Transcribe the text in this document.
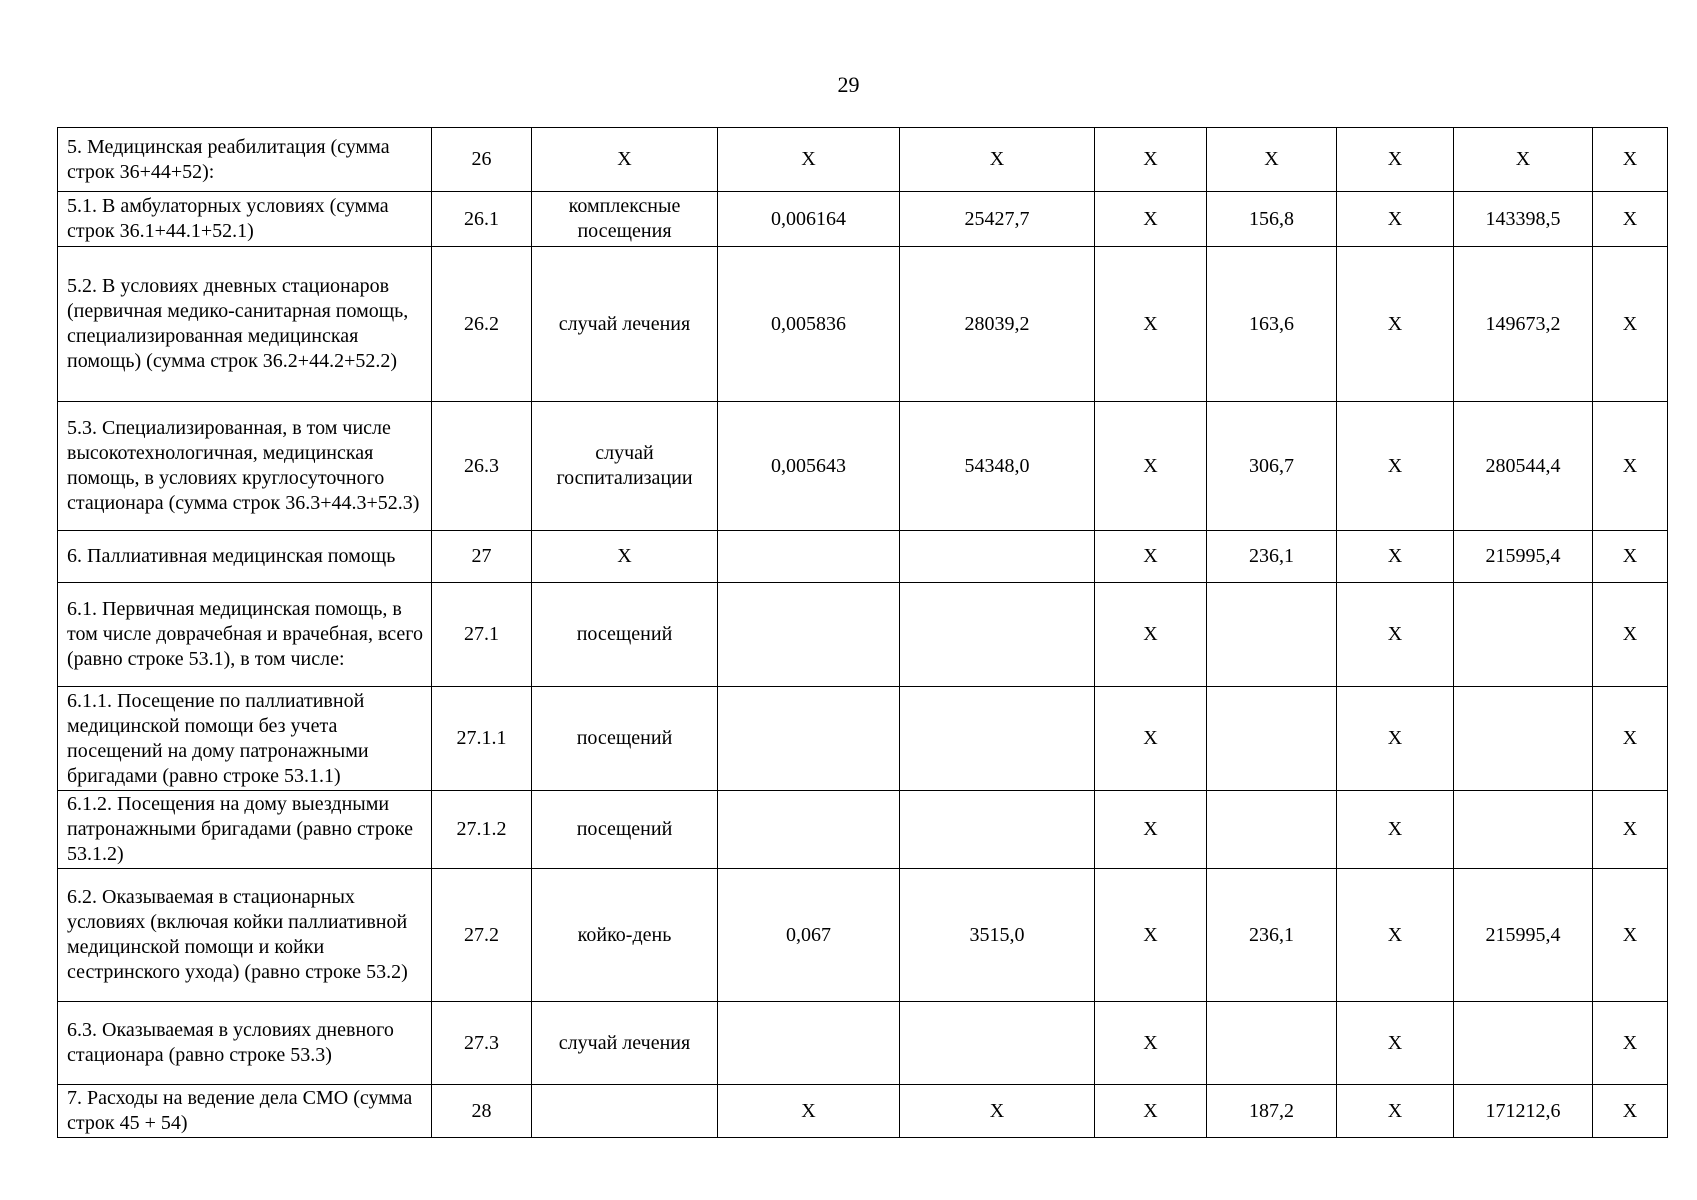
29
5. Медицинская реабилитация (сумма строк 36+44+52):	26	Х	Х	Х	Х	Х	Х	Х	Х
5.1. В амбулаторных условиях (сумма строк 36.1+44.1+52.1)	26.1	комплексные посещения	0,006164	25427,7	Х	156,8	Х	143398,5	Х
5.2. В условиях дневных стационаров (первичная медико-санитарная помощь, специализированная медицинская помощь) (сумма строк 36.2+44.2+52.2)	26.2	случай лечения	0,005836	28039,2	Х	163,6	Х	149673,2	Х
5.3. Специализированная, в том числе высокотехнологичная, медицинская помощь, в условиях круглосуточного стационара (сумма строк 36.3+44.3+52.3)	26.3	случай госпитализации	0,005643	54348,0	Х	306,7	Х	280544,4	Х
6. Паллиативная медицинская помощь	27	Х			Х	236,1	Х	215995,4	Х
6.1. Первичная медицинская помощь, в том числе доврачебная и врачебная, всего (равно строке 53.1), в том числе:	27.1	посещений			Х		Х		Х
6.1.1. Посещение по паллиативной медицинской помощи без учета посещений на дому патронажными бригадами (равно строке 53.1.1)	27.1.1	посещений			Х		Х		Х
6.1.2. Посещения на дому выездными патронажными бригадами (равно строке 53.1.2)	27.1.2	посещений			Х		Х		Х
6.2. Оказываемая в стационарных условиях (включая койки паллиативной медицинской помощи и койки сестринского ухода) (равно строке 53.2)	27.2	койко-день	0,067	3515,0	Х	236,1	Х	215995,4	Х
6.3. Оказываемая в условиях дневного стационара (равно строке 53.3)	27.3	случай лечения			Х		Х		Х
7. Расходы на ведение дела СМО (сумма строк 45 + 54)	28		Х	Х	Х	187,2	Х	171212,6	Х
